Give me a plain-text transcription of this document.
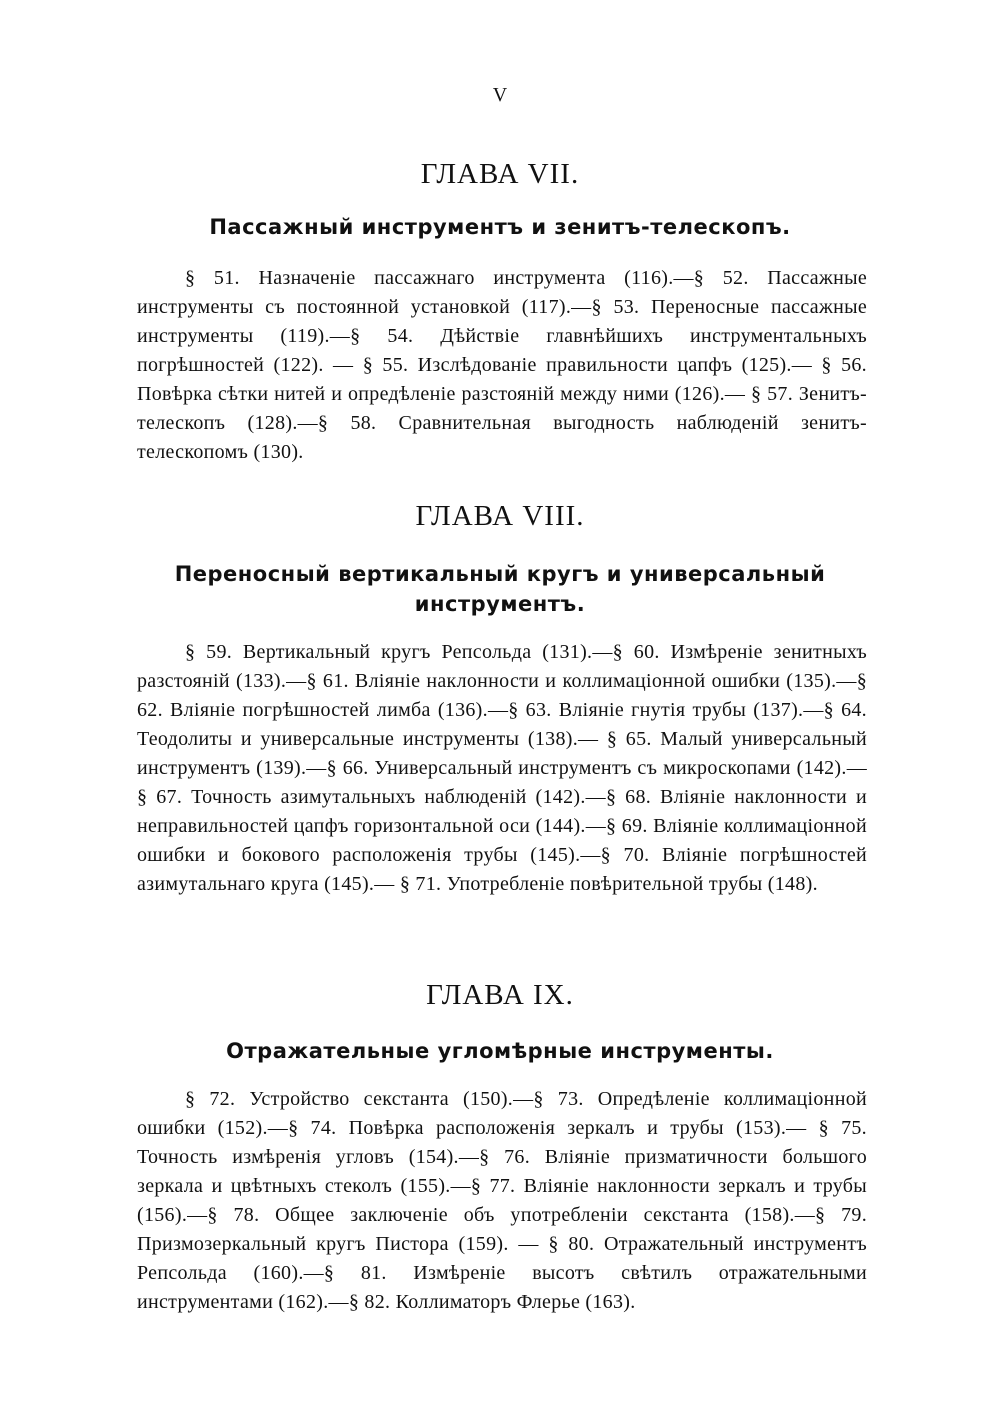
V
ГЛАВА VII.
Пассажный инструментъ и зенитъ-телескопъ.

§ 51. Назначеніе пассажнаго инструмента (116).—§ 52. Пассажные инструменты съ постоянной установкой (117).—§ 53. Переносные пассажные инструменты (119).—§ 54. Дѣйствіе главнѣйшихъ инструментальныхъ погрѣшностей (122). — § 55. Изслѣдованіе правильности цапфъ (125).— § 56. Повѣрка сѣтки нитей и опредѣленіе разстояній между ними (126).— § 57. Зенитъ-телескопъ (128).—§ 58. Сравнительная выгодность наблюденій зенитъ-телескопомъ (130).

ГЛАВА VIII.
Переносный вертикальный кругъ и универсальный инструментъ.

§ 59. Вертикальный кругъ Репсольда (131).—§ 60. Измѣреніе зенитныхъ разстояній (133).—§ 61. Вліяніе наклонности и коллимаціонной ошибки (135).—§ 62. Вліяніе погрѣшностей лимба (136).—§ 63. Вліяніе гнутія трубы (137).—§ 64. Теодолиты и универсальные инструменты (138).— § 65. Малый универсальный инструментъ (139).—§ 66. Универсальный инструментъ съ микроскопами (142).—§ 67. Точность азимутальныхъ наблюденій (142).—§ 68. Вліяніе наклонности и неправильностей цапфъ горизонтальной оси (144).—§ 69. Вліяніе коллимаціонной ошибки и бокового расположенія трубы (145).—§ 70. Вліяніе погрѣшностей азимутальнаго круга (145).— § 71. Употребленіе повѣрительной трубы (148).

ГЛАВА IX.
Отражательные угломѣрные инструменты.

§ 72. Устройство секстанта (150).—§ 73. Опредѣленіе коллимаціонной ошибки (152).—§ 74. Повѣрка расположенія зеркалъ и трубы (153).— § 75. Точность измѣренія угловъ (154).—§ 76. Вліяніе призматичности большого зеркала и цвѣтныхъ стеколъ (155).—§ 77. Вліяніе наклонности зеркалъ и трубы (156).—§ 78. Общее заключеніе объ употребленіи секстанта (158).—§ 79. Призмозеркальный кругъ Пистора (159). — § 80. Отражательный инструментъ Репсольда (160).—§ 81. Измѣреніе высотъ свѣтилъ отражательными инструментами (162).—§ 82. Коллиматоръ Флерье (163).
